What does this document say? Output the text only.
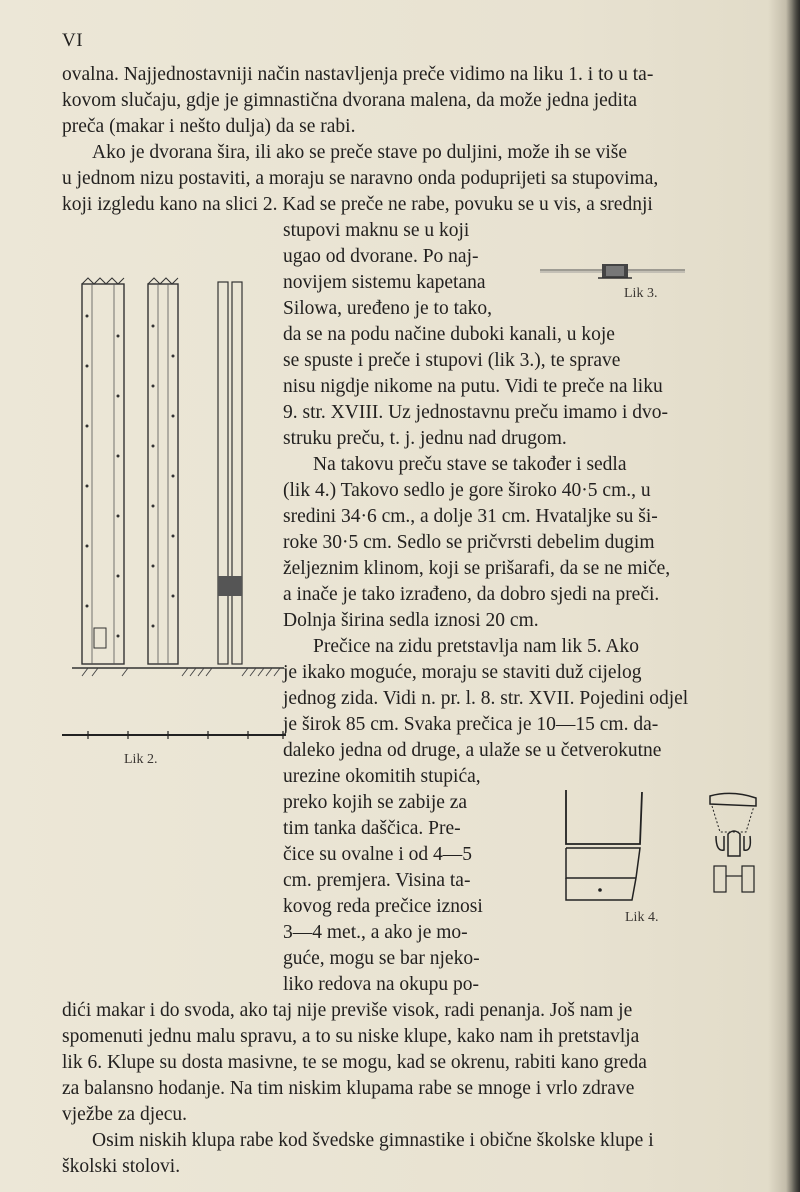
VI
ovalna. Najjednostavniji način nastavljenja preče vidimo na liku 1. i to u ta-
kovom slučaju, gdje je gimnastična dvorana malena, da može jedna jedita
preča (makar i nešto dulja) da se rabi.
Ako je dvorana šira, ili ako se preče stave po duljini, može ih se više
u jednom nizu postaviti, a moraju se naravno onda poduprijeti sa stupovima,
koji izgledu kano na slici 2. Kad se preče ne rabe, povuku se u vis, a srednji
stupovi maknu se u koji
ugao od dvorane. Po naj-
novijem sistemu kapetana
Silowa, uređeno je to tako,
da se na podu načine duboki kanali, u koje
se spuste i preče i stupovi (lik 3.), te sprave
nisu nigdje nikome na putu. Vidi te preče na liku
9. str. XVIII. Uz jednostavnu preču imamo i dvo-
struku preču, t. j. jednu nad drugom.
Na takovu preču stave se također i sedla
(lik 4.) Takovo sedlo je gore široko 40·5 cm., u
sredini 34·6 cm., a dolje 31 cm. Hvataljke su ši-
roke 30·5 cm. Sedlo se pričvrsti debelim dugim
željeznim klinom, koji se prišarafi, da se ne miče,
a inače je tako izrađeno, da dobro sjedi na preči.
Dolnja širina sedla iznosi 20 cm.
Prečice na zidu pretstavlja nam lik 5. Ako
je ikako moguće, moraju se staviti duž cijelog
jednog zida. Vidi n. pr. l. 8. str. XVII. Pojedini odjel
je širok 85 cm. Svaka prečica je 10—15 cm. da-
daleko jedna od druge, a ulaže se u četverokutne
urezine okomitih stupića,
preko kojih se zabije za
tim tanka daščica. Pre-
čice su ovalne i od 4—5
cm. premjera. Visina ta-
kovog reda prečice iznosi
3—4 met., a ako je mo-
guće, mogu se bar njeko-
liko redova na okupu po-
dići makar i do svoda, ako taj nije previše visok, radi penanja. Još nam je
spomenuti jednu malu spravu, a to su niske klupe, kako nam ih pretstavlja
lik 6. Klupe su dosta masivne, te se mogu, kad se okrenu, rabiti kano greda
za balansno hodanje. Na tim niskim klupama rabe se mnoge i vrlo zdrave
vježbe za djecu.
Osim niskih klupa rabe kod švedske gimnastike i obične školske klupe i
školski stolovi.
Lik 3.
Lik 2.
Lik 4.
